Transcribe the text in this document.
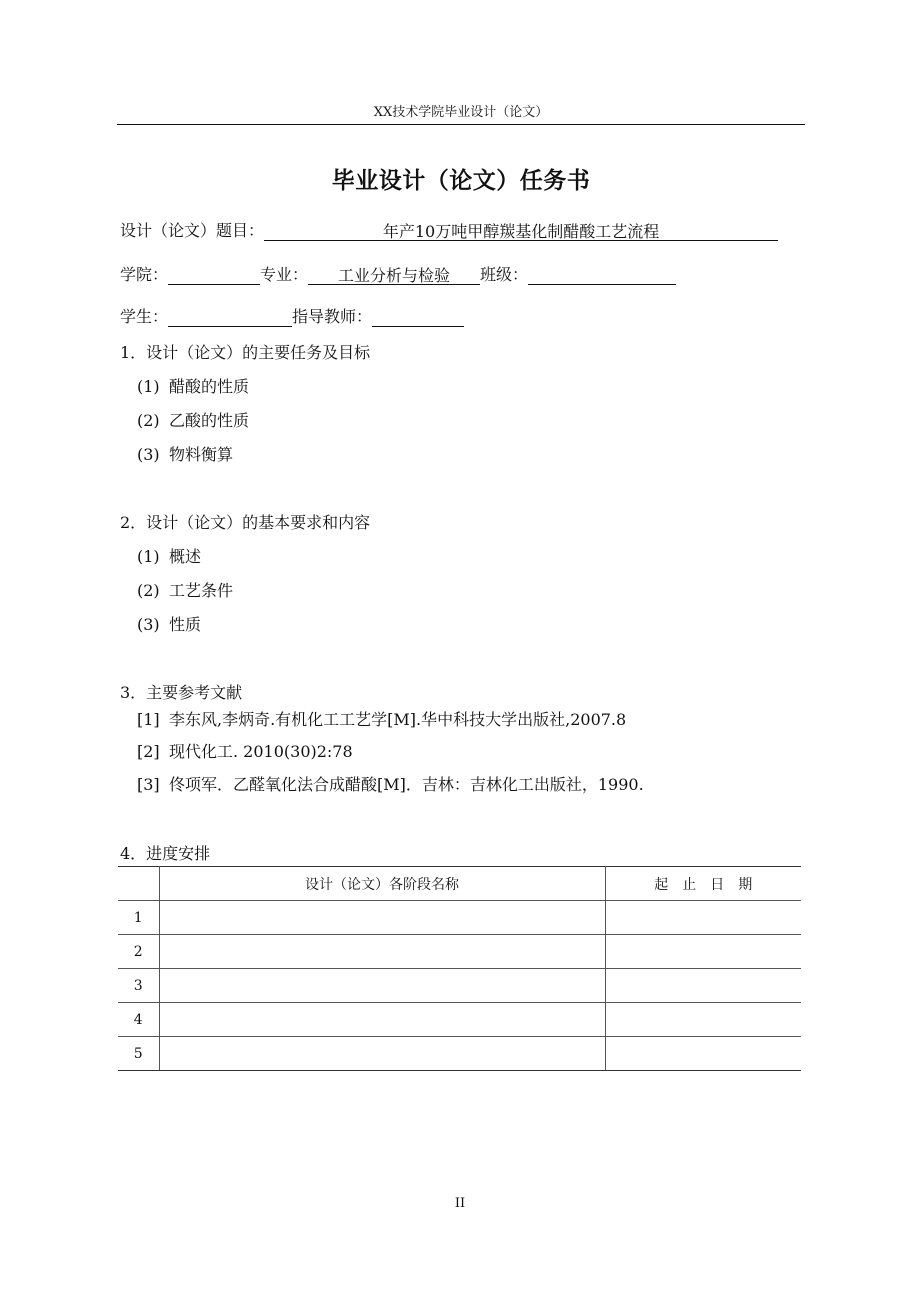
XX技术学院毕业设计（论文）
毕业设计（论文）任务书
设计（论文）题目：	年产10万吨甲醇羰基化制醋酸工艺流程
学院：	专业： 工业分析与检验 班级：
学生：	指导教师：
1．设计（论文）的主要任务及目标
(1) 醋酸的性质
(2) 乙酸的性质
(3) 物料衡算
2．设计（论文）的基本要求和内容
(1) 概述
(2) 工艺条件
(3) 性质
3．主要参考文献
[1] 李东风,李炳奇.有机化工工艺学[M].华中科技大学出版社,2007.8
[2] 现代化工. 2010(30)2:78
[3] 佟项军．乙醛氧化法合成醋酸[M]．吉林：吉林化工出版社，1990.
4．进度安排
	设计（论文）各阶段名称	起　止　日　期
1		
2		
3		
4		
5		
II
